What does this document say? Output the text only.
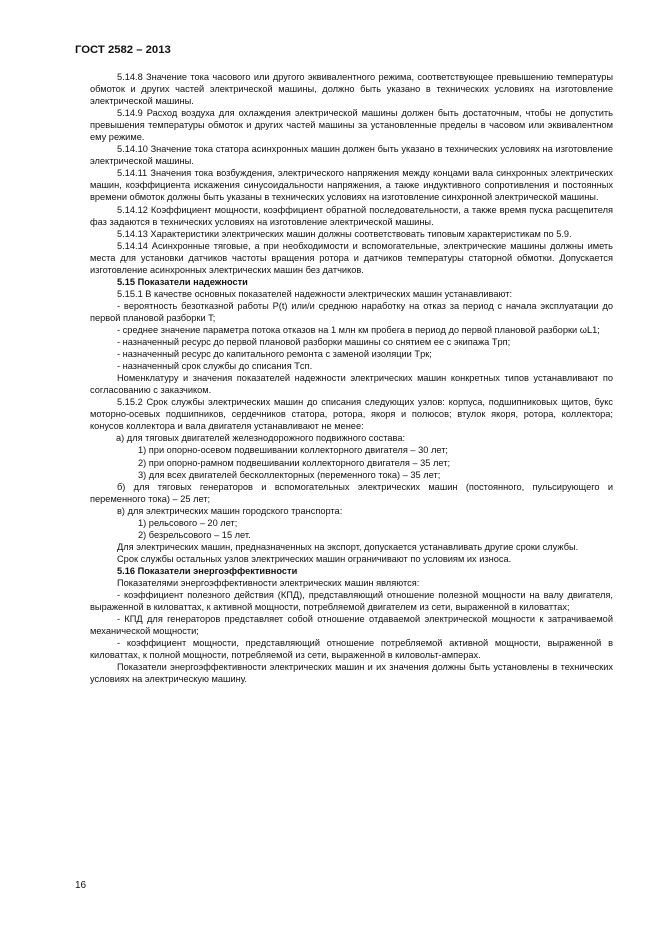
ГОСТ 2582 – 2013

5.14.8 Значение тока часового или другого эквивалентного режима, соответствующее превышению температуры обмоток и других частей электрической машины, должно быть указано в технических условиях на изготовление электрической машины.

5.14.9 Расход воздуха для охлаждения электрической машины должен быть достаточным, чтобы не допустить превышения температуры обмоток и других частей машины за установленные пределы в часовом или эквивалентном ему режиме.

5.14.10 Значение тока статора асинхронных машин должен быть указано в технических условиях на изготовление электрической машины.

5.14.11 Значения тока возбуждения, электрического напряжения между концами вала синхронных электрических машин, коэффициента искажения синусоидальности напряжения, а также индуктивного сопротивления и постоянных времени обмоток должны быть указаны в технических условиях на изготовление синхронной электрической машины.

5.14.12 Коэффициент мощности, коэффициент обратной последовательности, а также время пуска расщепителя фаз задаются в технических условиях на изготовление электрической машины.

5.14.13 Характеристики электрических машин должны соответствовать типовым характеристикам по 5.9.

5.14.14 Асинхронные тяговые, а при необходимости и вспомогательные, электрические машины должны иметь места для установки датчиков частоты вращения ротора и датчиков температуры статорной обмотки. Допускается изготовление асинхронных электрических машин без датчиков.

5.15 Показатели надежности

5.15.1 В качестве основных показателей надежности электрических машин устанавливают:

- вероятность безотказной работы P(t) или/и среднюю наработку на отказ за период с начала эксплуатации до первой плановой разборки T;

- среднее значение параметра потока отказов на 1 млн км пробега в период до первой плановой разборки ωL1;

- назначенный ресурс до первой плановой разборки машины со снятием ее с экипажа Tрп;

- назначенный ресурс до капитального ремонта с заменой изоляции Tрк;

- назначенный срок службы до списания Tсп.

Номенклатуру и значения показателей надежности электрических машин конкретных типов устанавливают по согласованию с заказчиком.

5.15.2 Срок службы электрических машин до списания следующих узлов: корпуса, подшипниковых щитов, букс моторно-осевых подшипников, сердечников статора, ротора, якоря и полюсов; втулок якоря, ротора, коллектора; конусов коллектора и вала двигателя устанавливают не менее:

а) для тяговых двигателей железнодорожного подвижного состава:

1) при опорно-осевом подвешивании коллекторного двигателя – 30 лет;

2) при опорно-рамном подвешивании коллекторного двигателя – 35 лет;

3) для всех двигателей бесколлекторных (переменного тока) – 35 лет;

б) для тяговых генераторов и вспомогательных электрических машин (постоянного, пульсирующего и переменного тока) – 25 лет;

в) для электрических машин городского транспорта:

1) рельсового – 20 лет;

2) безрельсового – 15 лет.

Для электрических машин, предназначенных на экспорт, допускается устанавливать другие сроки службы.

Срок службы остальных узлов электрических машин ограничивают по условиям их износа.

5.16 Показатели энергоэффективности

Показателями энергоэффективности электрических машин являются:

- коэффициент полезного действия (КПД), представляющий отношение полезной мощности на валу двигателя, выраженной в киловаттах, к активной мощности, потребляемой двигателем из сети, выраженной в киловаттах;

- КПД для генераторов представляет собой отношение отдаваемой электрической мощности к затрачиваемой механической мощности;

- коэффициент мощности, представляющий отношение потребляемой активной мощности, выраженной в киловаттах, к полной мощности, потребляемой из сети, выраженной в киловольт-амперах.

Показатели энергоэффективности электрических машин и их значения должны быть установлены в технических условиях на электрическую машину.

16
